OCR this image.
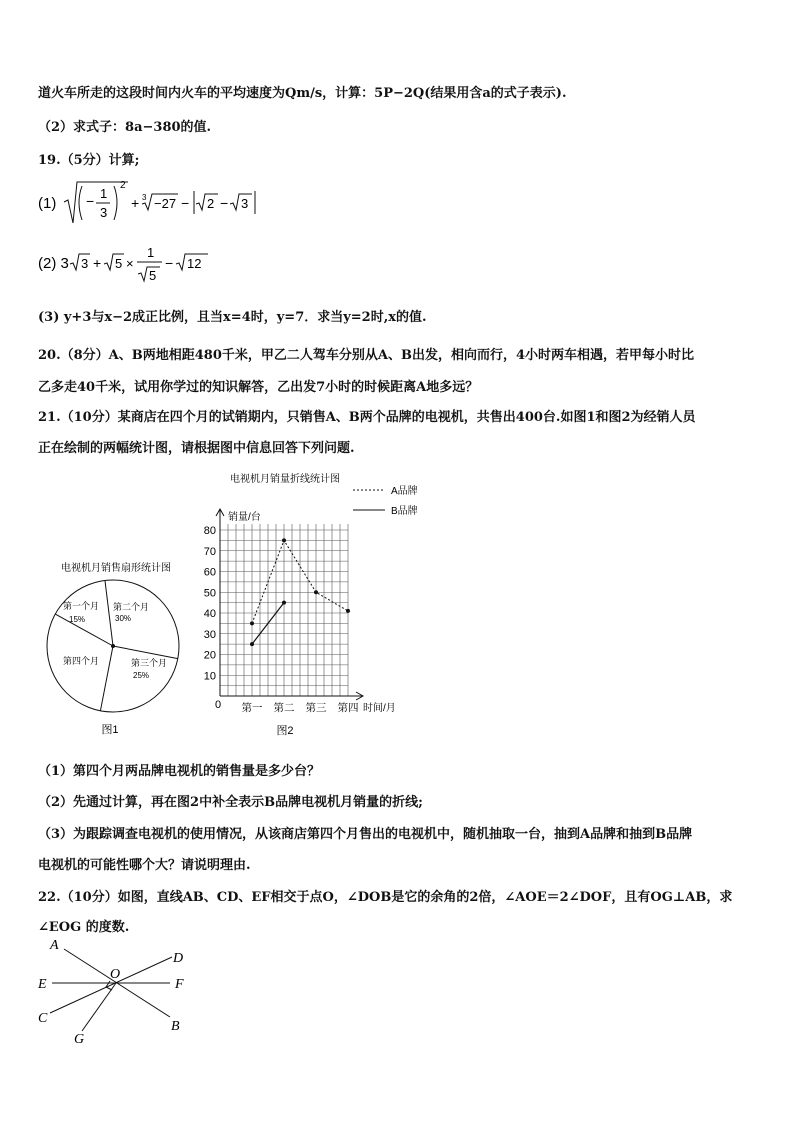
道火车所走的这段时间内火车的平均速度为Qm/s，计算：5P−2Q(结果用含a的式子表示).
（2）求式子：8a−380的值.
19.（5分）计算;
(1) − 1
3
2
+ 3 −27 − 2 − 3
(2) 3 3 + 5 ×
1
5
− 12
(3) y+3与x−2成正比例，且当x=4时，y=7．求当y=2时,x的值.
20.（8分）A、B两地相距480千米，甲乙二人驾车分别从A、B出发，相向而行，4小时两车相遇，若甲每小时比
乙多走40千米，试用你学过的知识解答，乙出发7小时的时候距离A地多远？
21.（10分）某商店在四个月的试销期内，只销售A、B两个品牌的电视机，共售出400台.如图1和图2为经销人员
正在绘制的两幅统计图，请根据图中信息回答下列问题.
电视机月销售扇形统计图
第一个月
15%
第二个月
30%
第三个月
25%
第四个月
图1
电视机月销量折线统计图
A品牌
B品牌
10
20
30
40
50
60
70
80
第一 第二 第三 第四
销量/台
时间/月
0
图2
（1）第四个月两品牌电视机的销售量是多少台？
（2）先通过计算，再在图2中补全表示B品牌电视机月销量的折线;
（3）为跟踪调查电视机的使用情况，从该商店第四个月售出的电视机中，随机抽取一台，抽到A品牌和抽到B品牌
电视机的可能性哪个大？请说明理由.
22.（10分）如图，直线AB、CD、EF相交于点O，∠DOB是它的余角的2倍，∠AOE＝2∠DOF，且有OG⊥AB，求
∠EOG 的度数.
A
D
O
E	F
C
B
G
